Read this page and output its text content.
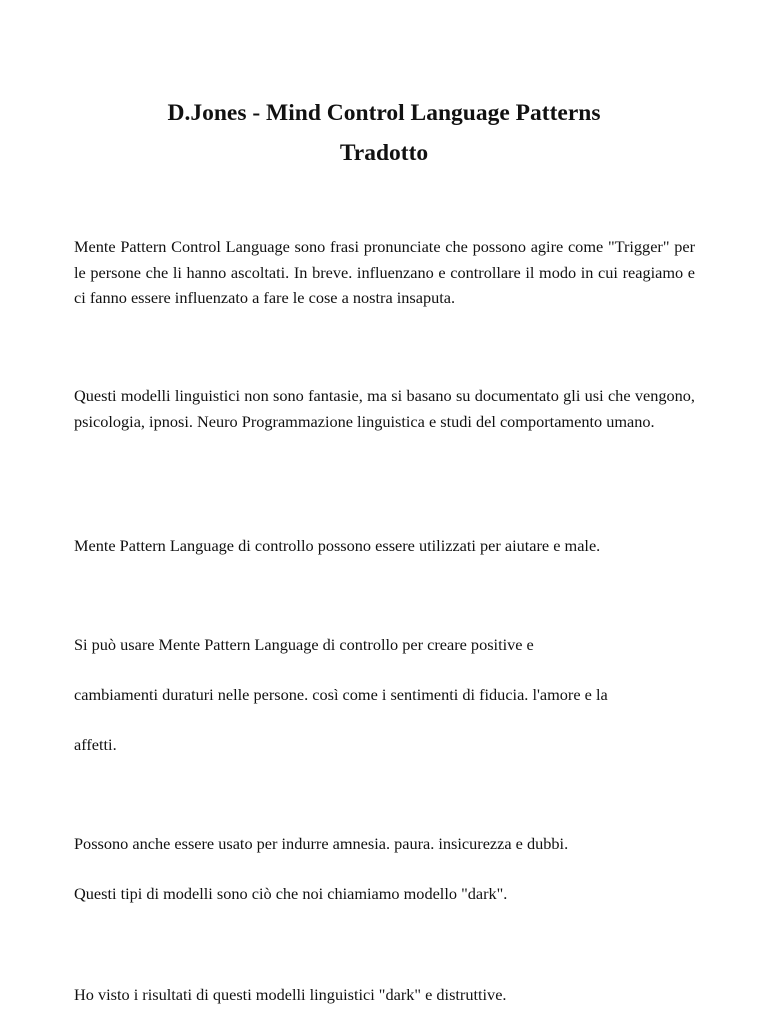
D.Jones - Mind Control Language Patterns
Tradotto

Mente Pattern Control Language sono frasi pronunciate che possono agire come "Trigger" per le persone che li hanno ascoltati. In breve. influenzano e controllare il modo in cui reagiamo e ci fanno essere influenzato a fare le cose a nostra insaputa.

Questi modelli linguistici non sono fantasie, ma si basano su documentato gli usi che vengono, psicologia, ipnosi. Neuro Programmazione linguistica e studi del comportamento umano.

Mente Pattern Language di controllo possono essere utilizzati per aiutare e male.

Si può usare Mente Pattern Language di controllo per creare positive e

cambiamenti duraturi nelle persone. così come i sentimenti di fiducia. l'amore e la

affetti.

Possono anche essere usato per indurre amnesia. paura. insicurezza e dubbi.

Questi tipi di modelli sono ciò che noi chiamiamo modello "dark".

Ho visto i risultati di questi modelli linguistici "dark" e distruttive.
